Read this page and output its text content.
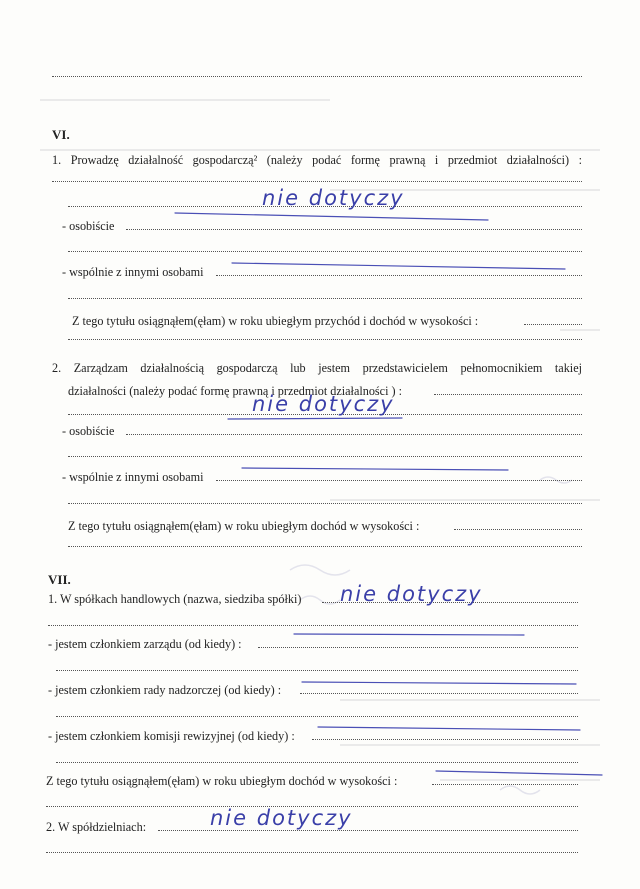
VI.
1. Prowadzę działalność gospodarczą² (należy podać formę prawną i przedmiot działalności) :
nie dotyczy
- osobiście
- wspólnie z innymi osobami
Z tego tytułu osiągnąłem(ęłam) w roku ubiegłym przychód i dochód w wysokości :
2. Zarządzam działalnością gospodarczą lub jestem przedstawicielem pełnomocnikiem takiej
działalności (należy podać formę prawną i przedmiot działalności ) :
nie dotyczy
- osobiście
- wspólnie z innymi osobami
Z tego tytułu osiągnąłem(ęłam) w roku ubiegłym dochód w wysokości :
VII.
1. W spółkach handlowych (nazwa, siedziba spółki) nie dotyczy
- jestem członkiem zarządu (od kiedy) :
- jestem członkiem rady nadzorczej (od kiedy) :
- jestem członkiem komisji rewizyjnej (od kiedy) :
Z tego tytułu osiągnąłem(ęłam) w roku ubiegłym dochód w wysokości :
2. W spółdzielniach:	nie dotyczy
